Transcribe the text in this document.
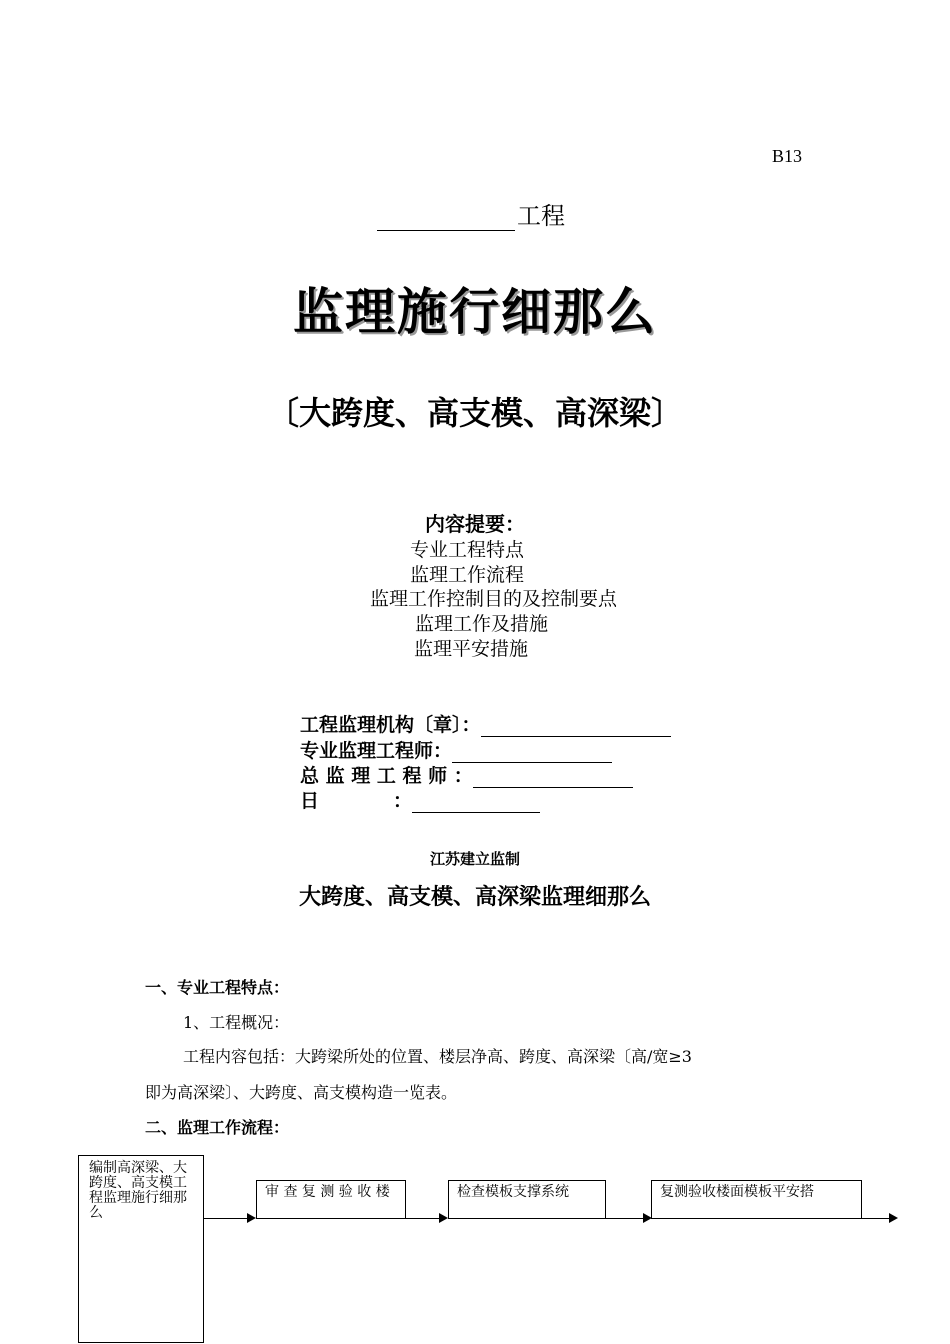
B13
工程
监理施行细那么
〔大跨度、高支模、高深梁〕
内容提要：
专业工程特点
监理工作流程
监理工作控制目的及控制要点
监理工作及措施
监理平安措施
工程监理机构〔章〕：
专业监理工程师：
总 监 理 工 程 师 ：
日	：
江苏建立监制
大跨度、高支模、高深梁监理细那么
一、专业工程特点：
1、工程概况：
工程内容包括：大跨梁所处的位置、楼层净高、跨度、高深梁〔高/宽≥3
即为高深梁〕、大跨度、高支模构造一览表。
二、监理工作流程：
编制高深梁、大跨度、高支模工程监理施行细那么
审 查 复 测 验 收 楼	检查模板支撑系统	复测验收楼面模板平安搭
